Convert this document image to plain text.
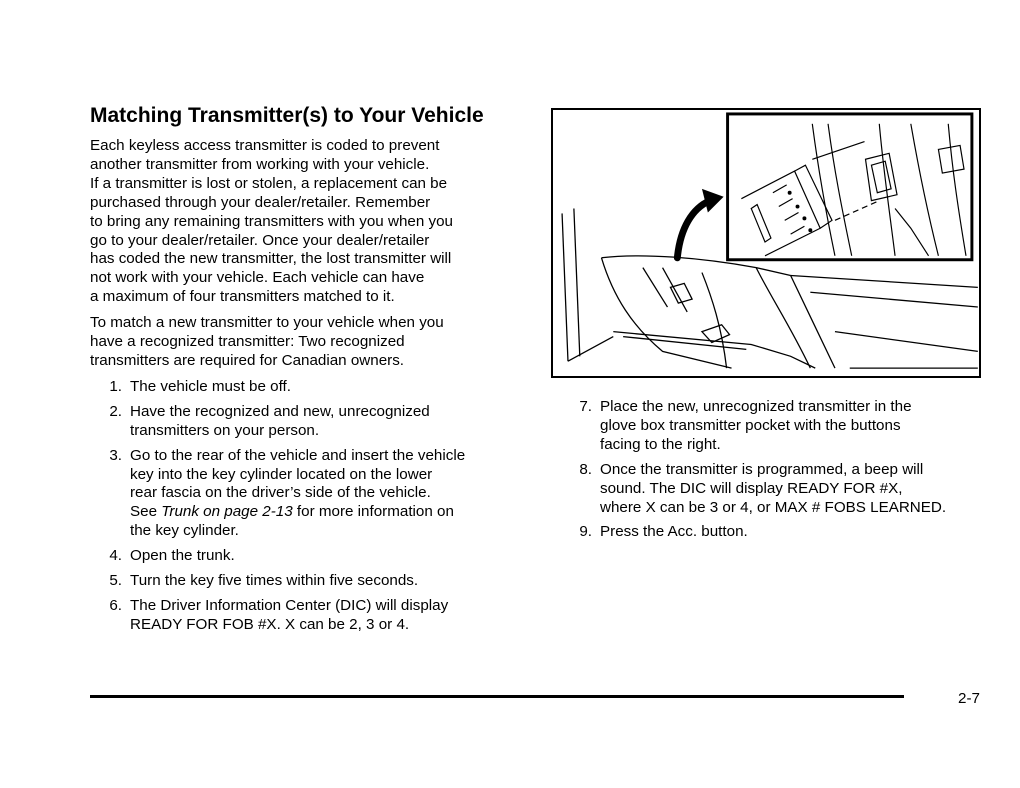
Matching Transmitter(s) to Your Vehicle

Each keyless access transmitter is coded to prevent
another transmitter from working with your vehicle.
If a transmitter is lost or stolen, a replacement can be
purchased through your dealer/retailer. Remember
to bring any remaining transmitters with you when you
go to your dealer/retailer. Once your dealer/retailer
has coded the new transmitter, the lost transmitter will
not work with your vehicle. Each vehicle can have
a maximum of four transmitters matched to it.

To match a new transmitter to your vehicle when you
have a recognized transmitter: Two recognized
transmitters are required for Canadian owners.

1. The vehicle must be off.
2. Have the recognized and new, unrecognized
transmitters on your person.
3. Go to the rear of the vehicle and insert the vehicle
key into the key cylinder located on the lower
rear fascia on the driver’s side of the vehicle.
See Trunk on page 2-13 for more information on
the key cylinder.
4. Open the trunk.
5. Turn the key five times within five seconds.
6. The Driver Information Center (DIC) will display
READY FOR FOB #X. X can be 2, 3 or 4.
7. Place the new, unrecognized transmitter in the
glove box transmitter pocket with the buttons
facing to the right.
8. Once the transmitter is programmed, a beep will
sound. The DIC will display READY FOR #X,
where X can be 3 or 4, or MAX # FOBS LEARNED.
9. Press the Acc. button.
2-7
